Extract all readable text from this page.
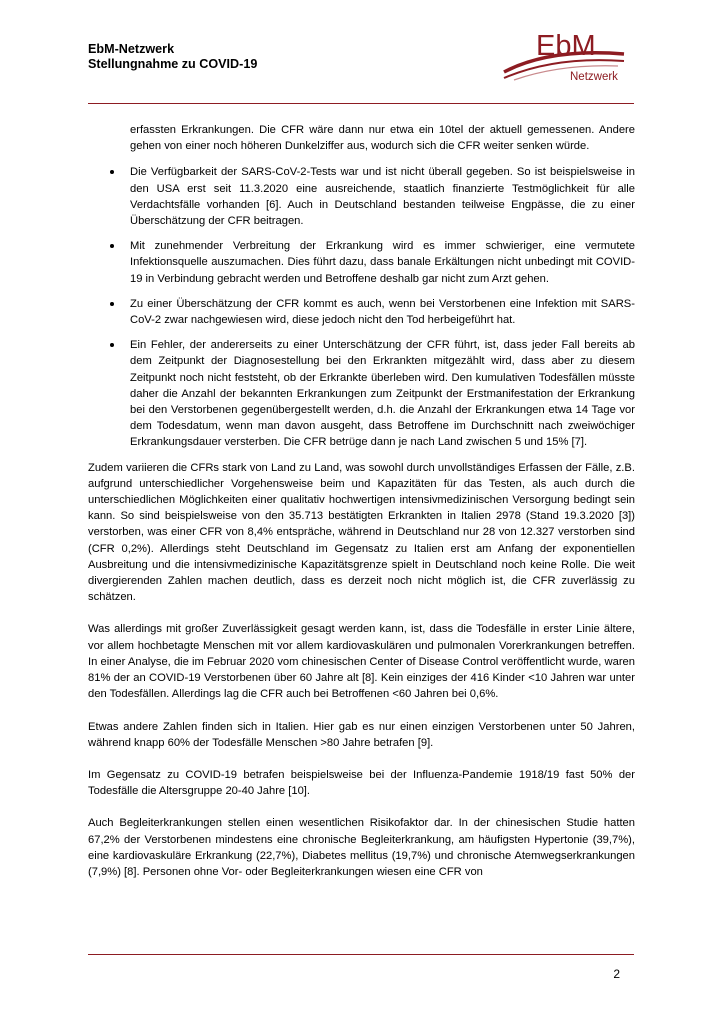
EbM-Netzwerk
Stellungnahme zu COVID-19
EbM
Netzwerk

erfassten Erkrankungen. Die CFR wäre dann nur etwa ein 10tel der aktuell gemessenen. Andere gehen von einer noch höheren Dunkelziffer aus, wodurch sich die CFR weiter senken würde.

Die Verfügbarkeit der SARS-CoV-2-Tests war und ist nicht überall gegeben. So ist beispielsweise in den USA erst seit 11.3.2020 eine ausreichende, staatlich finanzierte Testmöglichkeit für alle Verdachtsfälle vorhanden [6]. Auch in Deutschland bestanden teilweise Engpässe, die zu einer Überschätzung der CFR beitragen.
Mit zunehmender Verbreitung der Erkrankung wird es immer schwieriger, eine vermutete Infektionsquelle auszumachen. Dies führt dazu, dass banale Erkältungen nicht unbedingt mit COVID-19 in Verbindung gebracht werden und Betroffene deshalb gar nicht zum Arzt gehen.
Zu einer Überschätzung der CFR kommt es auch, wenn bei Verstorbenen eine Infektion mit SARS-CoV-2 zwar nachgewiesen wird, diese jedoch nicht den Tod herbeigeführt hat.
Ein Fehler, der andererseits zu einer Unterschätzung der CFR führt, ist, dass jeder Fall bereits ab dem Zeitpunkt der Diagnosestellung bei den Erkrankten mitgezählt wird, dass aber zu diesem Zeitpunkt noch nicht feststeht, ob der Erkrankte überleben wird. Den kumulativen Todesfällen müsste daher die Anzahl der bekannten Erkrankungen zum Zeitpunkt der Erstmanifestation der Erkrankung bei den Verstorbenen gegenübergestellt werden, d.h. die Anzahl der Erkrankungen etwa 14 Tage vor dem Todesdatum, wenn man davon ausgeht, dass Betroffene im Durchschnitt nach zweiwöchiger Erkrankungsdauer versterben. Die CFR betrüge dann je nach Land zwischen 5 und 15% [7].

Zudem variieren die CFRs stark von Land zu Land, was sowohl durch unvollständiges Erfassen der Fälle, z.B. aufgrund unterschiedlicher Vorgehensweise beim und Kapazitäten für das Testen, als auch durch die unterschiedlichen Möglichkeiten einer qualitativ hochwertigen intensivmedizinischen Versorgung bedingt sein kann. So sind beispielsweise von den 35.713 bestätigten Erkrankten in Italien 2978 (Stand 19.3.2020 [3]) verstorben, was einer CFR von 8,4% entspräche, während in Deutschland nur 28 von 12.327 verstorben sind (CFR 0,2%). Allerdings steht Deutschland im Gegensatz zu Italien erst am Anfang der exponentiellen Ausbreitung und die intensivmedizinische Kapazitätsgrenze spielt in Deutschland noch keine Rolle. Die weit divergierenden Zahlen machen deutlich, dass es derzeit noch nicht möglich ist, die CFR zuverlässig zu schätzen.

Was allerdings mit großer Zuverlässigkeit gesagt werden kann, ist, dass die Todesfälle in erster Linie ältere, vor allem hochbetagte Menschen mit vor allem kardiovaskulären und pulmonalen Vorerkrankungen betreffen. In einer Analyse, die im Februar 2020 vom chinesischen Center of Disease Control veröffentlicht wurde, waren 81% der an COVID-19 Verstorbenen über 60 Jahre alt [8]. Kein einziges der 416 Kinder <10 Jahren war unter den Todesfällen. Allerdings lag die CFR auch bei Betroffenen <60 Jahren bei 0,6%.

Etwas andere Zahlen finden sich in Italien. Hier gab es nur einen einzigen Verstorbenen unter 50 Jahren, während knapp 60% der Todesfälle Menschen >80 Jahre betrafen [9].

Im Gegensatz zu COVID-19 betrafen beispielsweise bei der Influenza-Pandemie 1918/19 fast 50% der Todesfälle die Altersgruppe 20-40 Jahre [10].

Auch Begleiterkrankungen stellen einen wesentlichen Risikofaktor dar. In der chinesischen Studie hatten 67,2% der Verstorbenen mindestens eine chronische Begleiterkrankung, am häufigsten Hypertonie (39,7%), eine kardiovaskuläre Erkrankung (22,7%), Diabetes mellitus (19,7%) und chronische Atemwegserkrankungen (7,9%) [8]. Personen ohne Vor- oder Begleiterkrankungen wiesen eine CFR von

2
